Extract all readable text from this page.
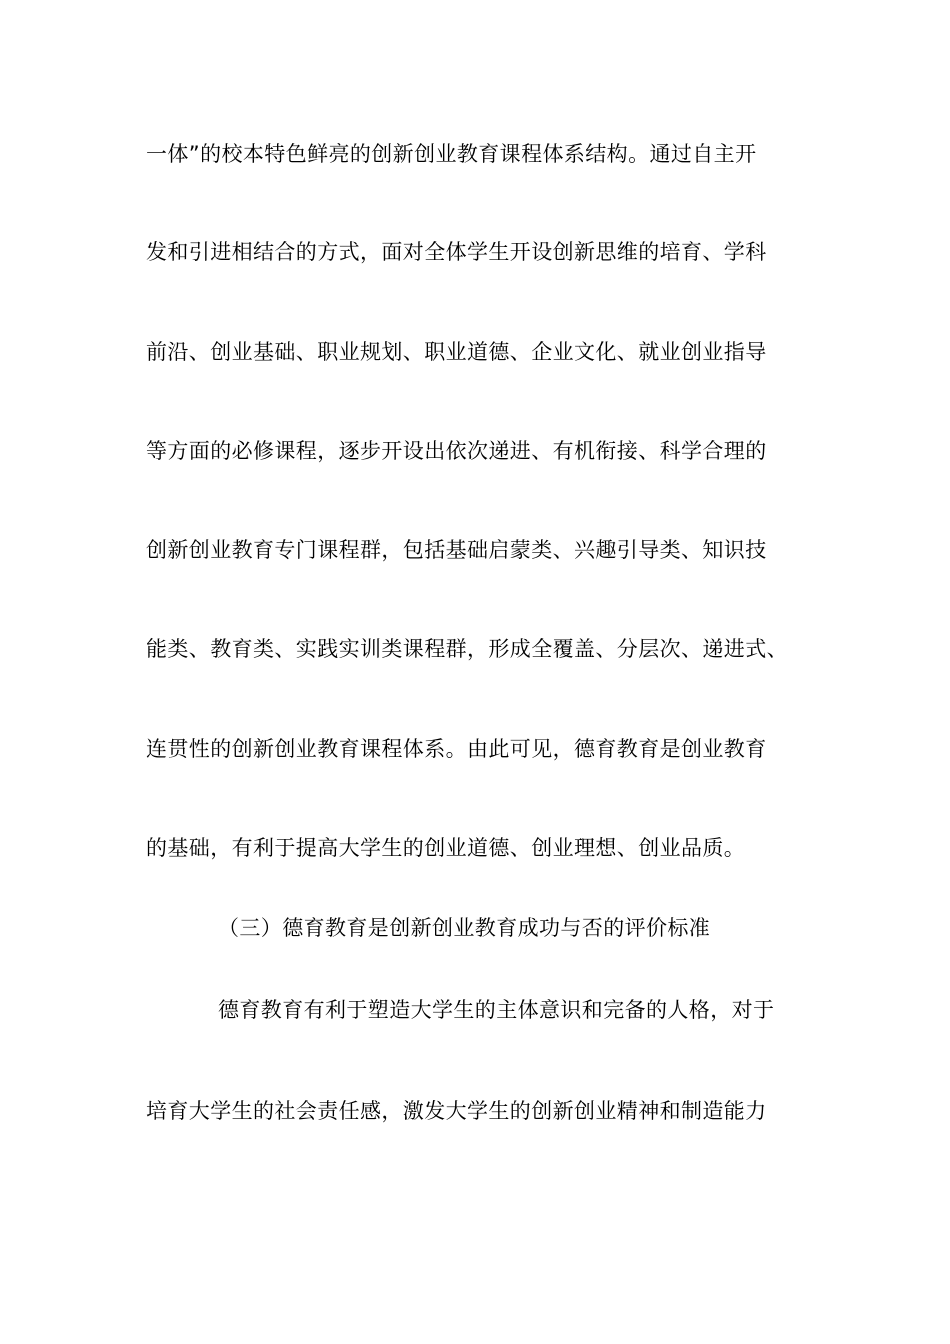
一体”的校本特色鲜亮的创新创业教育课程体系结构。通过自主开
发和引进相结合的方式，面对全体学生开设创新思维的培育、学科
前沿、创业基础、职业规划、职业道德、企业文化、就业创业指导
等方面的必修课程，逐步开设出依次递进、有机衔接、科学合理的
创新创业教育专门课程群，包括基础启蒙类、兴趣引导类、知识技
能类、教育类、实践实训类课程群，形成全覆盖、分层次、递进式、
连贯性的创新创业教育课程体系。由此可见，德育教育是创业教育
的基础，有利于提高大学生的创业道德、创业理想、创业品质。
（三）德育教育是创新创业教育成功与否的评价标准
德育教育有利于塑造大学生的主体意识和完备的人格，对于
培育大学生的社会责任感，激发大学生的创新创业精神和制造能力
